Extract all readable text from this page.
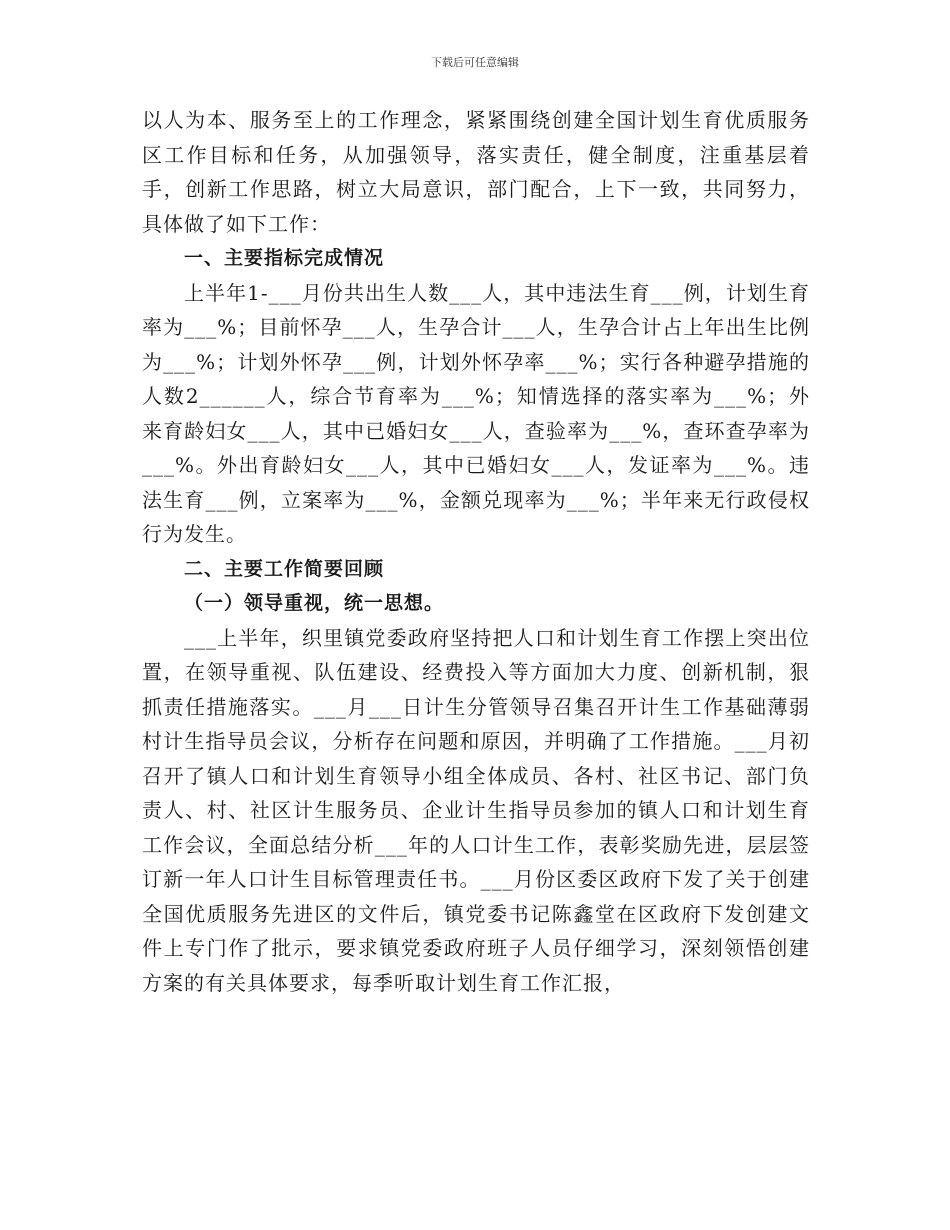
下载后可任意编辑

以人为本、服务至上的工作理念，紧紧围绕创建全国计划生育优质服务区工作目标和任务，从加强领导，落实责任，健全制度，注重基层着手，创新工作思路，树立大局意识，部门配合，上下一致，共同努力，具体做了如下工作：

一、主要指标完成情况

上半年1-___月份共出生人数___人，其中违法生育___例，计划生育率为___%；目前怀孕___人，生孕合计___人，生孕合计占上年出生比例为___%；计划外怀孕___例，计划外怀孕率___%；实行各种避孕措施的人数2______人，综合节育率为___%；知情选择的落实率为___%；外来育龄妇女___人，其中已婚妇女___人，查验率为___%，查环查孕率为___%。外出育龄妇女___人，其中已婚妇女___人，发证率为___%。违法生育___例，立案率为___%，金额兑现率为___%；半年来无行政侵权行为发生。

二、主要工作简要回顾

（一）领导重视，统一思想。

___上半年，织里镇党委政府坚持把人口和计划生育工作摆上突出位置，在领导重视、队伍建设、经费投入等方面加大力度、创新机制，狠抓责任措施落实。___月___日计生分管领导召集召开计生工作基础薄弱村计生指导员会议，分析存在问题和原因，并明确了工作措施。___月初召开了镇人口和计划生育领导小组全体成员、各村、社区书记、部门负责人、村、社区计生服务员、企业计生指导员参加的镇人口和计划生育工作会议，全面总结分析___年的人口计生工作，表彰奖励先进，层层签订新一年人口计生目标管理责任书。___月份区委区政府下发了关于创建全国优质服务先进区的文件后，镇党委书记陈鑫堂在区政府下发创建文件上专门作了批示，要求镇党委政府班子人员仔细学习，深刻领悟创建方案的有关具体要求，每季听取计划生育工作汇报，
